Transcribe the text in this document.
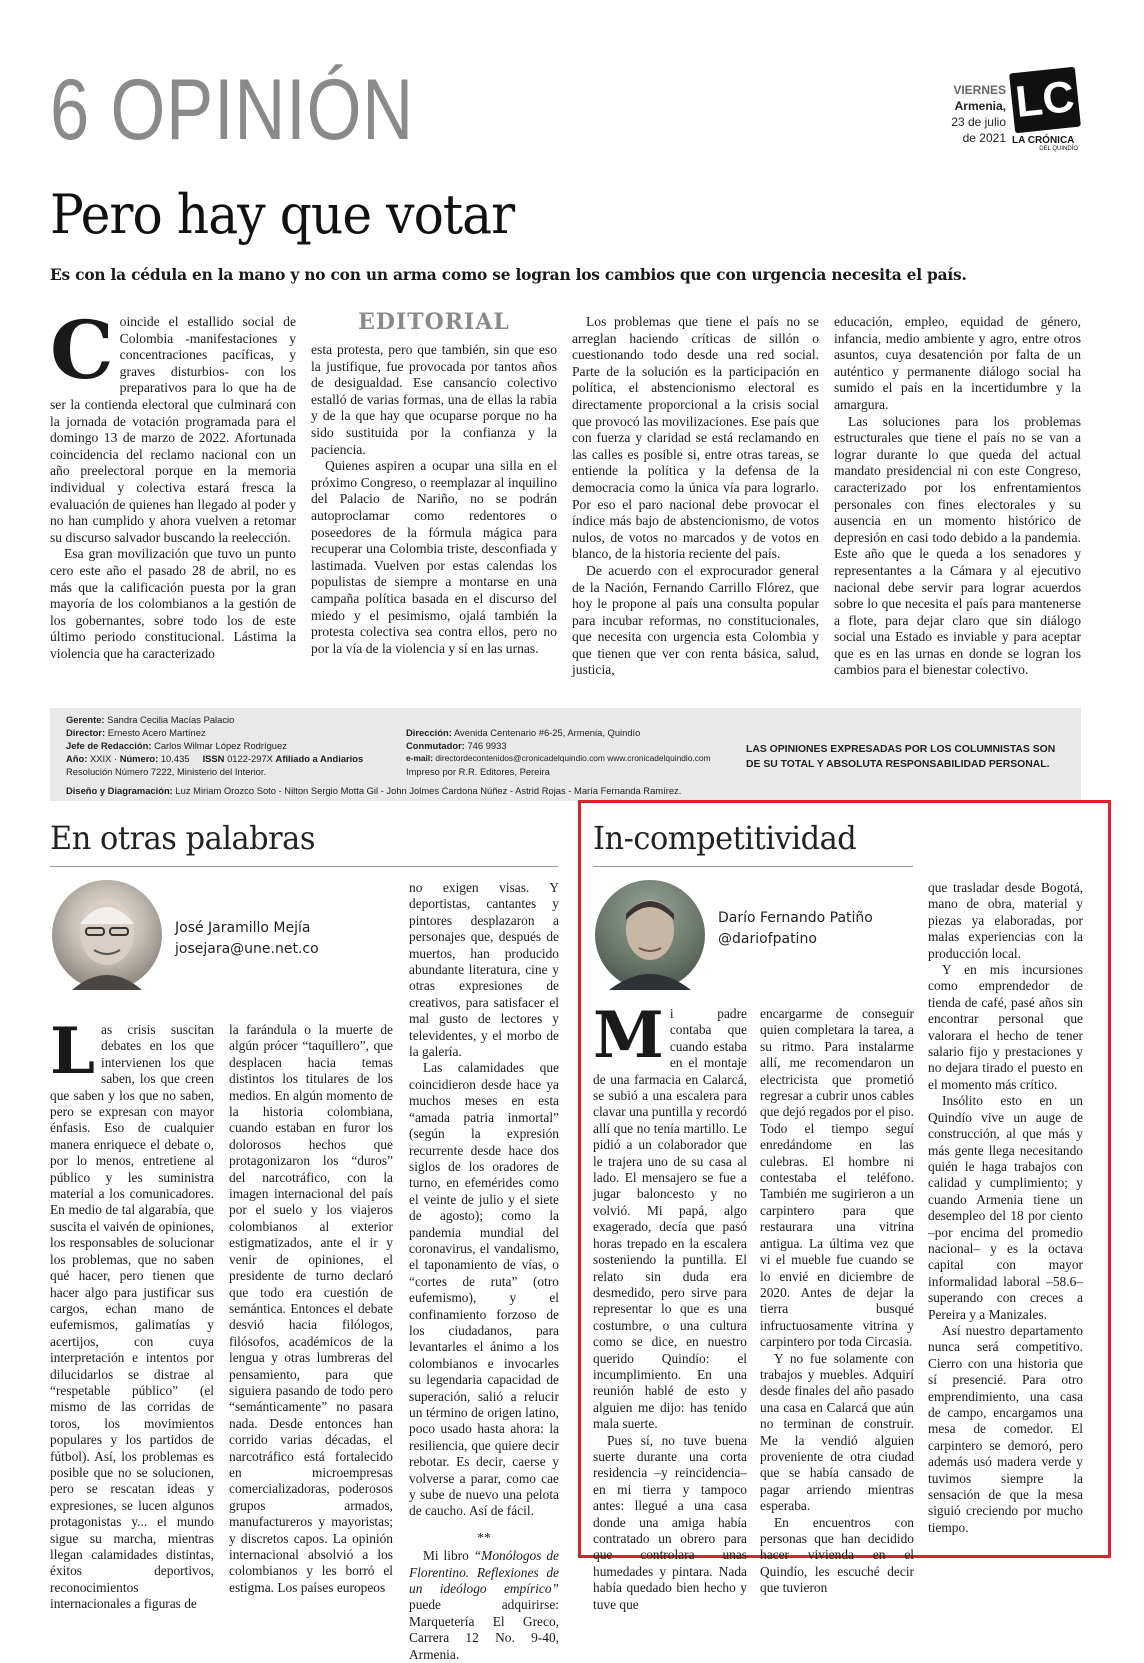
6 OPINIÓN	VIERNES
Armenia,
23 de julio
de 2021
LC
LA CRÓNICA
DEL QUINDÍO
Pero hay que votar
Es con la cédula en la mano y no con un arma como se logran los cambios que con urgencia necesita el país.

Coincide el estallido social de Colombia -manifestaciones y concentraciones pacíficas, y graves disturbios- con los preparativos para lo que ha de ser la contienda electoral que culminará con la jornada de votación programada para el domingo 13 de marzo de 2022. Afortunada coincidencia del reclamo nacional con un año preelectoral porque en la memoria individual y colectiva estará fresca la evaluación de quienes han llegado al poder y no han cumplido y ahora vuelven a retomar su discurso salvador buscando la reelección.

Esa gran movilización que tuvo un punto cero este año el pasado 28 de abril, no es más que la calificación puesta por la gran mayoría de los colombianos a la gestión de los gobernantes, sobre todo los de este último periodo constitucional. Lástima la violencia que ha caracterizado

EDITORIAL

esta protesta, pero que también, sin que eso la justifique, fue provocada por tantos años de desigualdad. Ese cansancio colectivo estalló de varias formas, una de ellas la rabia y de la que hay que ocuparse porque no ha sido sustituida por la confianza y la paciencia.

Quienes aspiren a ocupar una silla en el próximo Congreso, o reemplazar al inquilino del Palacio de Nariño, no se podrán autoproclamar como redentores o poseedores de la fórmula mágica para recuperar una Colombia triste, desconfiada y lastimada. Vuelven por estas calendas los populistas de siempre a montarse en una campaña política basada en el discurso del miedo y el pesimismo, ojalá también la protesta colectiva sea contra ellos, pero no por la vía de la violencia y sí en las urnas.

Los problemas que tiene el país no se arreglan haciendo críticas de sillón o cuestionando todo desde una red social. Parte de la solución es la participación en política, el abstencionismo electoral es directamente proporcional a la crisis social que provocó las movilizaciones. Ese país que con fuerza y claridad se está reclamando en las calles es posible si, entre otras tareas, se entiende la política y la defensa de la democracia como la única vía para lograrlo. Por eso el paro nacional debe provocar el índice más bajo de abstencionismo, de votos nulos, de votos no marcados y de votos en blanco, de la historia reciente del país.

De acuerdo con el exprocurador general de la Nación, Fernando Carrillo Flórez, que hoy le propone al país una consulta popular para incubar reformas, no constitucionales, que necesita con urgencia esta Colombia y que tienen que ver con renta básica, salud, justicia,

educación, empleo, equidad de género, infancia, medio ambiente y agro, entre otros asuntos, cuya desatención por falta de un auténtico y permanente diálogo social ha sumido el país en la incertidumbre y la amargura.

Las soluciones para los problemas estructurales que tiene el país no se van a lograr durante lo que queda del actual mandato presidencial ni con este Congreso, caracterizado por los enfrentamientos personales con fines electorales y su ausencia en un momento histórico de depresión en casi todo debido a la pandemia. Este año que le queda a los senadores y representantes a la Cámara y al ejecutivo nacional debe servir para lograr acuerdos sobre lo que necesita el país para mantenerse a flote, para dejar claro que sin diálogo social una Estado es inviable y para aceptar que es en las urnas en donde se logran los cambios para el bienestar colectivo.

Gerente: Sandra Cecilia Macías Palacio
Director: Ernesto Acero Martínez
Jefe de Redacción: Carlos Wilmar López Rodríguez
Año: XXIX · Número: 10.435 ISSN 0122-297X Afiliado a Andiarios
Resolución Número 7222, Ministerio del Interior.
Dirección: Avenida Centenario #6-25, Armenia, Quindío
Conmutador: 746 9933
e-mail: directordecontenidos@cronicadelquindio.com www.cronicadelquindio.com
Impreso por R.R. Editores, Pereira
LAS OPINIONES EXPRESADAS POR LOS COLUMNISTAS SON
DE SU TOTAL Y ABSOLUTA RESPONSABILIDAD PERSONAL.
Diseño y Diagramación: Luz Miriam Orozco Soto - Nilton Sergio Motta Gil - John Jolmes Cardona Núñez - Astrid Rojas - María Fernanda Ramírez.
En otras palabras
José Jaramillo Mejía
josejara@une.net.co

Las crisis suscitan debates en los que intervienen los que saben, los que creen que saben y los que no saben, pero se expresan con mayor énfasis. Eso de cualquier manera enriquece el debate o, por lo menos, entretiene al público y les suministra material a los comunicadores. En medio de tal algarabía, que suscita el vaivén de opiniones, los responsables de solucionar los problemas, que no saben qué hacer, pero tienen que hacer algo para justificar sus cargos, echan mano de eufemismos, galimatías y acertijos, con cuya interpretación e intentos por dilucidarlos se distrae al “respetable público” (el mismo de las corridas de toros, los movimientos populares y los partidos de fútbol). Así, los problemas es posible que no se solucionen, pero se rescatan ideas y expresiones, se lucen algunos protagonistas y... el mundo sigue su marcha, mientras llegan calamidades distintas, éxitos deportivos, reconocimientos internacionales a figuras de

la farándula o la muerte de algún prócer “taquillero”, que desplacen hacia temas distintos los titulares de los medios. En algún momento de la historia colombiana, cuando estaban en furor los dolorosos hechos que protagonizaron los “duros” del narcotráfico, con la imagen internacional del país por el suelo y los viajeros colombianos al exterior estigmatizados, ante el ir y venir de opiniones, el presidente de turno declaró que todo era cuestión de semántica. Entonces el debate desvió hacia filólogos, filósofos, académicos de la lengua y otras lumbreras del pensamiento, para que siguiera pasando de todo pero “semánticamente” no pasara nada. Desde entonces han corrido varias décadas, el narcotráfico está fortalecido en microempresas comercializadoras, poderosos grupos armados, manufactureros y mayoristas; y discretos capos. La opinión internacional absolvió a los colombianos y les borró el estigma. Los países europeos

no exigen visas. Y deportistas, cantantes y pintores desplazaron a personajes que, después de muertos, han producido abundante literatura, cine y otras expresiones de creativos, para satisfacer el mal gusto de lectores y televidentes, y el morbo de la galería.

Las calamidades que coincidieron desde hace ya muchos meses en esta “amada patria inmortal” (según la expresión recurrente desde hace dos siglos de los oradores de turno, en efemérides como el veinte de julio y el siete de agosto); como la pandemia mundial del coronavirus, el vandalismo, el taponamiento de vías, o “cortes de ruta” (otro eufemismo), y el confinamiento forzoso de los ciudadanos, para levantarles el ánimo a los colombianos e invocarles su legendaria capacidad de superación, salió a relucir un término de origen latino, poco usado hasta ahora: la resiliencia, que quiere decir rebotar. Es decir, caerse y volverse a parar, como cae y sube de nuevo una pelota de caucho. Así de fácil.

**

Mi libro “Monólogos de Florentino. Reflexiones de un ideólogo empírico” puede adquirirse: Marquetería El Greco, Carrera 12 No. 9-40, Armenia.

In-competitividad
Darío Fernando Patiño
@dariofpatino

Mi padre contaba que cuando estaba en el montaje de una farmacia en Calarcá, se subió a una escalera para clavar una puntilla y recordó allí que no tenía martillo. Le pidió a un colaborador que le trajera uno de su casa al lado. El mensajero se fue a jugar baloncesto y no volvió. Mi papá, algo exagerado, decía que pasó horas trepado en la escalera sosteniendo la puntilla. El relato sin duda era desmedido, pero sirve para representar lo que es una costumbre, o una cultura como se dice, en nuestro querido Quindío: el incumplimiento. En una reunión hablé de esto y alguien me dijo: has tenido mala suerte.

Pues sí, no tuve buena suerte durante una corta residencia –y reincidencia– en mi tierra y tampoco antes: llegué a una casa donde una amiga había contratado un obrero para que controlara unas humedades y pintara. Nada había quedado bien hecho y tuve que

encargarme de conseguir quien completara la tarea, a su ritmo. Para instalarme allí, me recomendaron un electricista que prometió regresar a cubrir unos cables que dejó regados por el piso. Todo el tiempo seguí enredándome en las culebras. El hombre ni contestaba el teléfono. También me sugirieron a un carpintero para que restaurara una vitrina antigua. La última vez que vi el mueble fue cuando se lo envié en diciembre de 2020. Antes de dejar la tierra busqué infructuosamente vitrina y carpintero por toda Circasia.

Y no fue solamente con trabajos y muebles. Adquirí desde finales del año pasado una casa en Calarcá que aún no terminan de construir. Me la vendió alguien proveniente de otra ciudad que se había cansado de pagar arriendo mientras esperaba.

En encuentros con personas que han decidido hacer vivienda en el Quindío, les escuché decir que tuvieron

que trasladar desde Bogotá, mano de obra, material y piezas ya elaboradas, por malas experiencias con la producción local.

Y en mis incursiones como emprendedor de tienda de café, pasé años sin encontrar personal que valorara el hecho de tener salario fijo y prestaciones y no dejara tirado el puesto en el momento más crítico.

Insólito esto en un Quindío vive un auge de construcción, al que más y más gente llega necesitando quién le haga trabajos con calidad y cumplimiento; y cuando Armenia tiene un desempleo del 18 por ciento –por encima del promedio nacional– y es la octava capital con mayor informalidad laboral –58.6– superando con creces a Pereira y a Manizales.

Así nuestro departamento nunca será competitivo. Cierro con una historia que sí presencié. Para otro emprendimiento, una casa de campo, encargamos una mesa de comedor. El carpintero se demoró, pero además usó madera verde y tuvimos siempre la sensación de que la mesa siguió creciendo por mucho tiempo.
